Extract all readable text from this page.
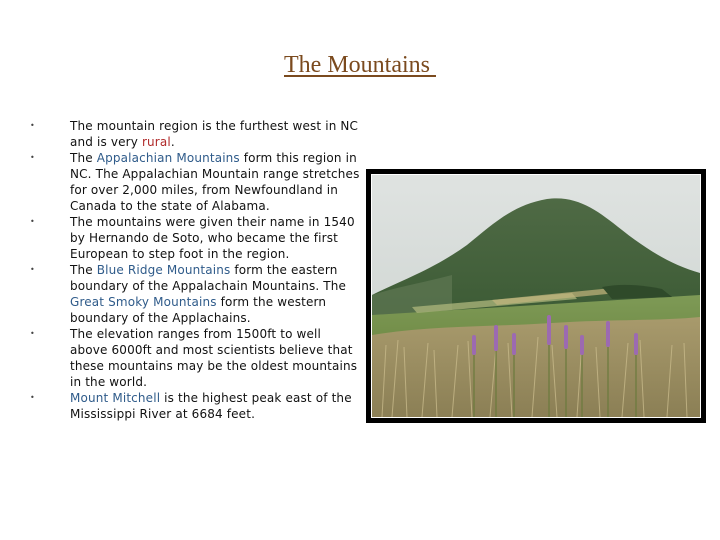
The Mountains
•	The mountain region is the furthest west in NC and is very rural.
•	The Appalachian Mountains form this region in NC. The Appalachian Mountain range stretches for over 2,000 miles, from Newfoundland in Canada to the state of Alabama.
•	The mountains were given their name in 1540 by Hernando de Soto, who became the first European to step foot in the region.
•	The Blue Ridge Mountains form the eastern boundary of the Appalachain Mountains. The Great Smoky Mountains form the western boundary of the Applachains.
•	The elevation ranges from 1500ft to well above 6000ft and most scientists believe that these mountains may be the oldest mountains in the world.
•	Mount Mitchell is the highest peak east of the Mississippi River at 6684 feet.
